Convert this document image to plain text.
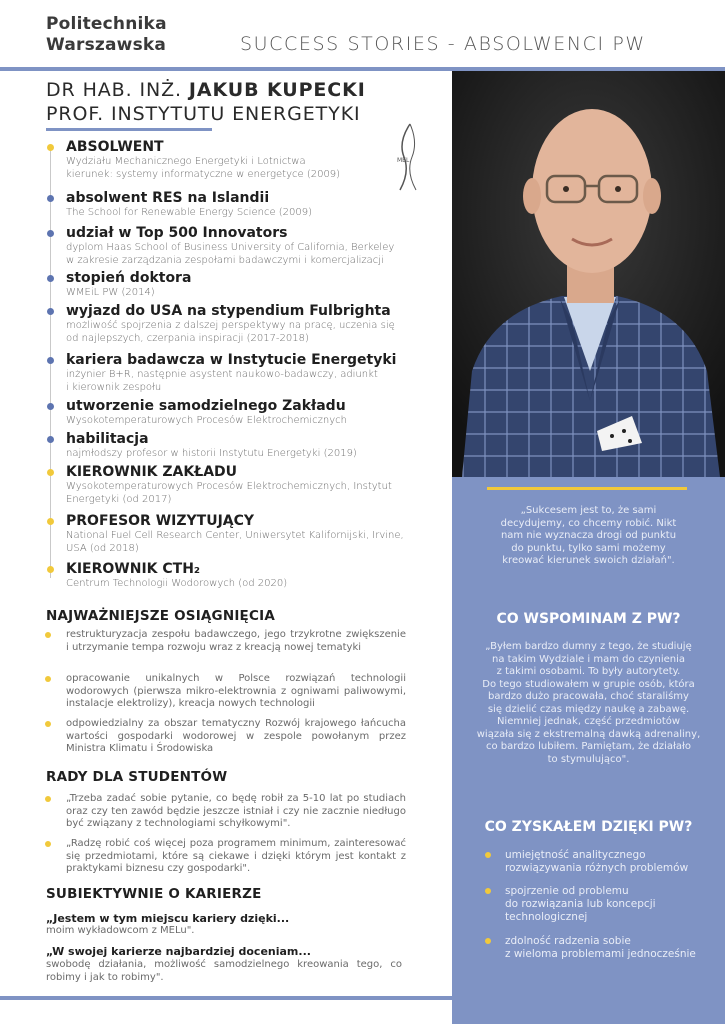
Politechnika
Warszawska	SUCCESS STORIES - ABSOLWENCI PW
DR HAB. INŻ. JAKUB KUPECKI
PROF. INSTYTUTU ENERGETYKI
MEL
ABSOLWENT
Wydziału Mechanicznego Energetyki i Lotnictwa
kierunek: systemy informatyczne w energetyce (2009)
absolwent RES na Islandii
The School for Renewable Energy Science (2009)
udział w Top 500 Innovators
dyplom Haas School of Business University of California, Berkeley
w zakresie zarządzania zespołami badawczymi i komercjalizacji
stopień doktora
WMEiL PW (2014)
wyjazd do USA na stypendium Fulbrighta
możliwość spojrzenia z dalszej perspektywy na pracę, uczenia się
od najlepszych, czerpania inspiracji (2017-2018)
kariera badawcza w Instytucie Energetyki
inżynier B+R, następnie asystent naukowo-badawczy, adiunkt
i kierownik zespołu
utworzenie samodzielnego Zakładu
Wysokotemperaturowych Procesów Elektrochemicznych
habilitacja
najmłodszy profesor w historii Instytutu Energetyki (2019)
KIEROWNIK ZAKŁADU
Wysokotemperaturowych Procesów Elektrochemicznych, Instytut
Energetyki (od 2017)
PROFESOR WIZYTUJĄCY
National Fuel Cell Research Center, Uniwersytet Kalifornijski, Irvine,
USA (od 2018)
KIEROWNIK CTH₂
Centrum Technologii Wodorowych (od 2020)
NAJWAŻNIEJSZE OSIĄGNIĘCIA
restrukturyzacja zespołu badawczego, jego trzykrotne zwiększenie i utrzymanie tempa rozwoju wraz z kreacją nowej tematyki
opracowanie unikalnych w Polsce rozwiązań technologii wodorowych (pierwsza mikro-elektrownia z ogniwami paliwowymi, instalacje elektrolizy), kreacja nowych technologii
odpowiedzialny za obszar tematyczny Rozwój krajowego łańcucha wartości gospodarki wodorowej w zespole powołanym przez Ministra Klimatu i Środowiska
RADY DLA STUDENTÓW
„Trzeba zadać sobie pytanie, co będę robił za 5-10 lat po studiach oraz czy ten zawód będzie jeszcze istniał i czy nie zacznie niedługo być związany z technologiami schyłkowymi".
„Radzę robić coś więcej poza programem minimum, zainteresować się przedmiotami, które są ciekawe i dzięki którym jest kontakt z praktykami biznesu czy gospodarki".
SUBIEKTYWNIE O KARIERZE
„Jestem w tym miejscu kariery dzięki...
moim wykładowcom z MELu".
„W swojej karierze najbardziej doceniam...
swobodę działania, możliwość samodzielnego kreowania tego, co robimy i jak to robimy".
„Sukcesem jest to, że sami
decydujemy, co chcemy robić. Nikt
nam nie wyznacza drogi od punktu
do punktu, tylko sami możemy
kreować kierunek swoich działań".
CO WSPOMINAM Z PW?
„Byłem bardzo dumny z tego, że studiuję
na takim Wydziale i mam do czynienia
z takimi osobami. To były autorytety.
Do tego studiowałem w grupie osób, która
bardzo dużo pracowała, choć staraliśmy
się dzielić czas między naukę a zabawę.
Niemniej jednak, część przedmiotów
wiązała się z ekstremalną dawką adrenaliny,
co bardzo lubiłem. Pamiętam, że działało
to stymulująco".
CO ZYSKAŁEM DZIĘKI PW?
umiejętność analitycznego
rozwiązywania różnych problemów
spojrzenie od problemu
do rozwiązania lub koncepcji
technologicznej
zdolność radzenia sobie
z wieloma problemami jednocześnie
